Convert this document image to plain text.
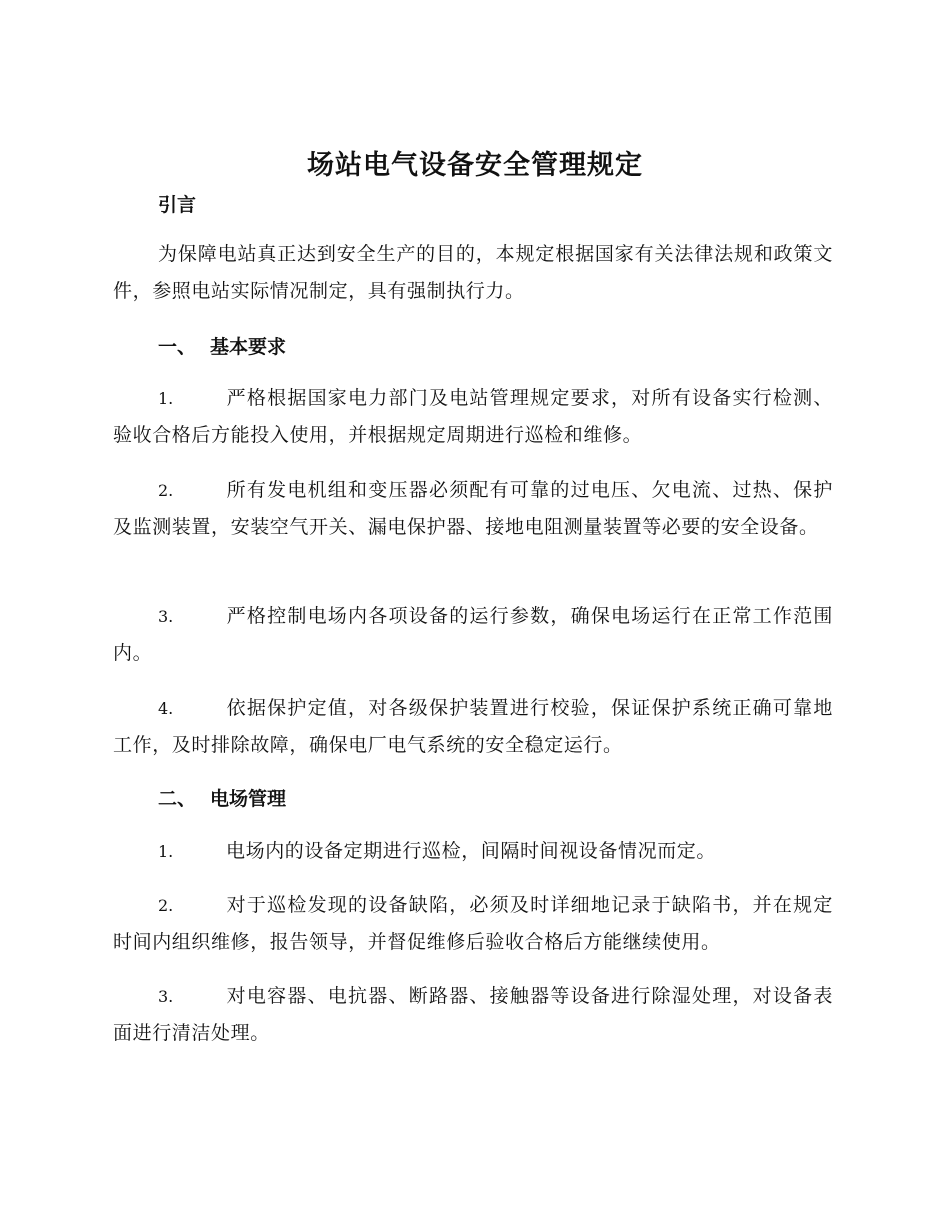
场站电气设备安全管理规定
引言
为保障电站真正达到安全生产的目的，本规定根据国家有关法律法规和政策文件，参照电站实际情况制定，具有强制执行力。
一、 基本要求
1.	严格根据国家电力部门及电站管理规定要求，对所有设备实行检测、验收合格后方能投入使用，并根据规定周期进行巡检和维修。
2.	所有发电机组和变压器必须配有可靠的过电压、欠电流、过热、保护及监测装置，安装空气开关、漏电保护器、接地电阻测量装置等必要的安全设备。
3.	严格控制电场内各项设备的运行参数，确保电场运行在正常工作范围内。
4.	依据保护定值，对各级保护装置进行校验，保证保护系统正确可靠地工作，及时排除故障，确保电厂电气系统的安全稳定运行。
二、 电场管理
1.	电场内的设备定期进行巡检，间隔时间视设备情况而定。
2.	对于巡检发现的设备缺陷，必须及时详细地记录于缺陷书，并在规定时间内组织维修，报告领导，并督促维修后验收合格后方能继续使用。
3.	对电容器、电抗器、断路器、接触器等设备进行除湿处理，对设备表面进行清洁处理。
